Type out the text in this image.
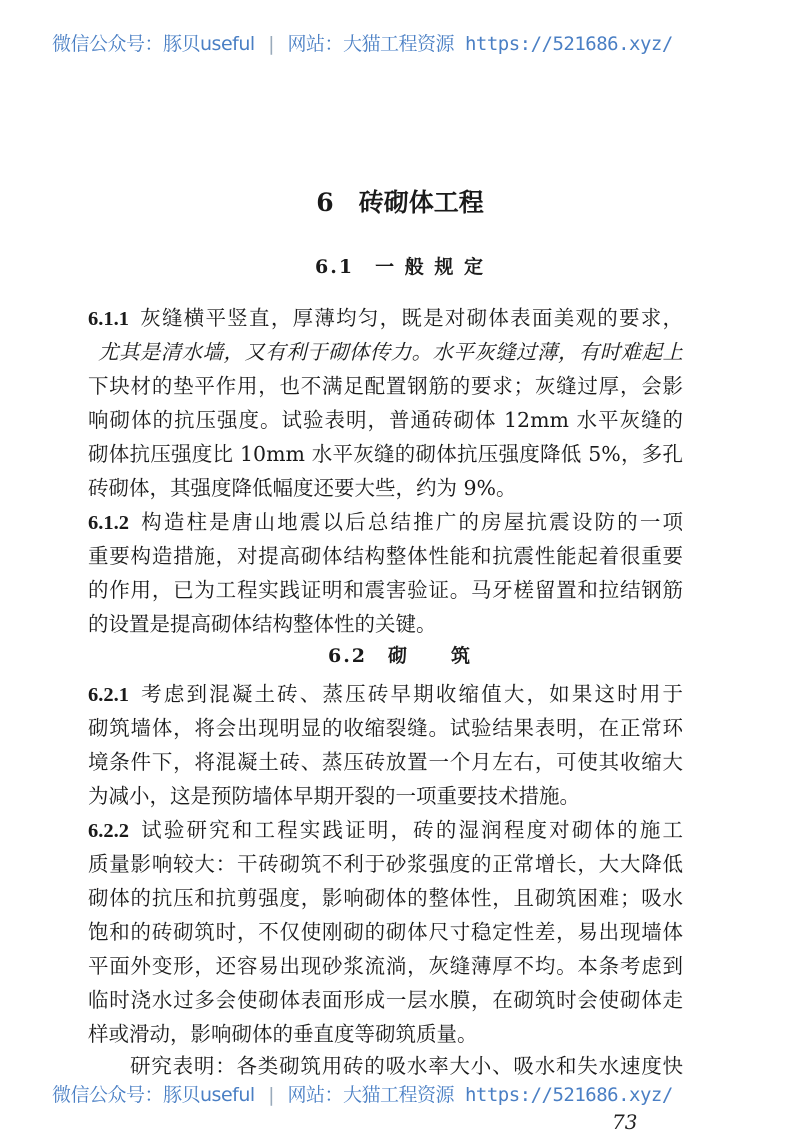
微信公众号：豚贝useful | 网站：大猫工程资源 https://521686.xyz/
6　砖砌体工程
6.1　一 般 规 定
6.1.1 灰缝横平竖直，厚薄均匀，既是对砌体表面美观的要求，
尤其是清水墙，又有利于砌体传力。水平灰缝过薄，有时难起上
下块材的垫平作用，也不满足配置钢筋的要求；灰缝过厚，会影
响砌体的抗压强度。试验表明，普通砖砌体 12mm 水平灰缝的
砌体抗压强度比 10mm 水平灰缝的砌体抗压强度降低 5%，多孔
砖砌体，其强度降低幅度还要大些，约为 9%。
6.1.2 构造柱是唐山地震以后总结推广的房屋抗震设防的一项
重要构造措施，对提高砌体结构整体性能和抗震性能起着很重要
的作用，已为工程实践证明和震害验证。马牙槎留置和拉结钢筋
的设置是提高砌体结构整体性的关键。
6.2　砌　　筑
6.2.1 考虑到混凝土砖、蒸压砖早期收缩值大，如果这时用于
砌筑墙体，将会出现明显的收缩裂缝。试验结果表明，在正常环
境条件下，将混凝土砖、蒸压砖放置一个月左右，可使其收缩大
为减小，这是预防墙体早期开裂的一项重要技术措施。
6.2.2 试验研究和工程实践证明，砖的湿润程度对砌体的施工
质量影响较大：干砖砌筑不利于砂浆强度的正常增长，大大降低
砌体的抗压和抗剪强度，影响砌体的整体性，且砌筑困难；吸水
饱和的砖砌筑时，不仅使刚砌的砌体尺寸稳定性差，易出现墙体
平面外变形，还容易出现砂浆流淌，灰缝薄厚不均。本条考虑到
临时浇水过多会使砌体表面形成一层水膜，在砌筑时会使砌体走
样或滑动，影响砌体的垂直度等砌筑质量。
研究表明：各类砌筑用砖的吸水率大小、吸水和失水速度快
微信公众号：豚贝useful | 网站：大猫工程资源 https://521686.xyz/
73
